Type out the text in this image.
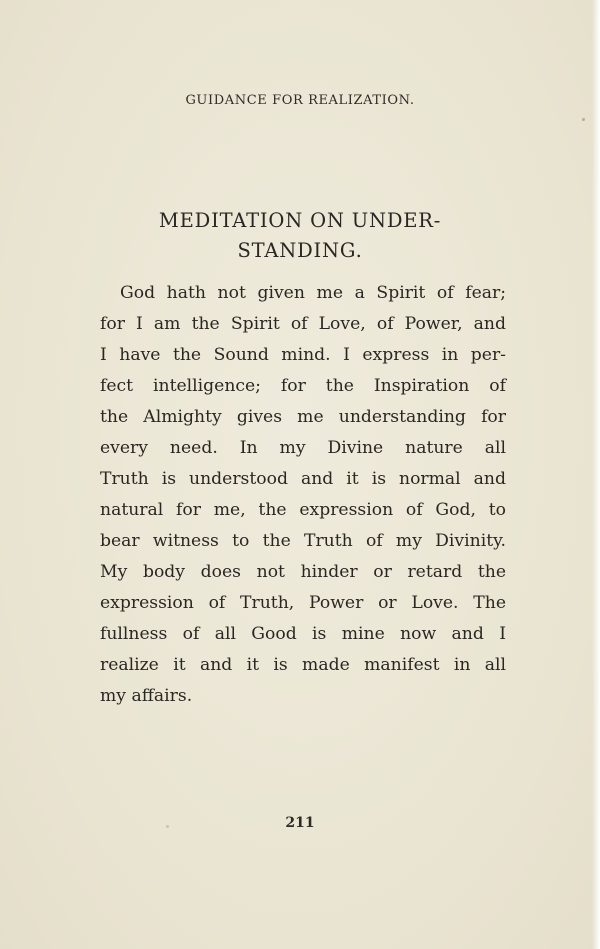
GUIDANCE FOR REALIZATION.
MEDITATION ON UNDER-
STANDING.
God hath not given me a Spirit of fear;
for I am the Spirit of Love, of Power, and
I have the Sound mind. I express in per-
fect intelligence; for the Inspiration of
the Almighty gives me understanding for
every need. In my Divine nature all
Truth is understood and it is normal and
natural for me, the expression of God, to
bear witness to the Truth of my Divinity.
My body does not hinder or retard the
expression of Truth, Power or Love. The
fullness of all Good is mine now and I
realize it and it is made manifest in all
my affairs.
211
